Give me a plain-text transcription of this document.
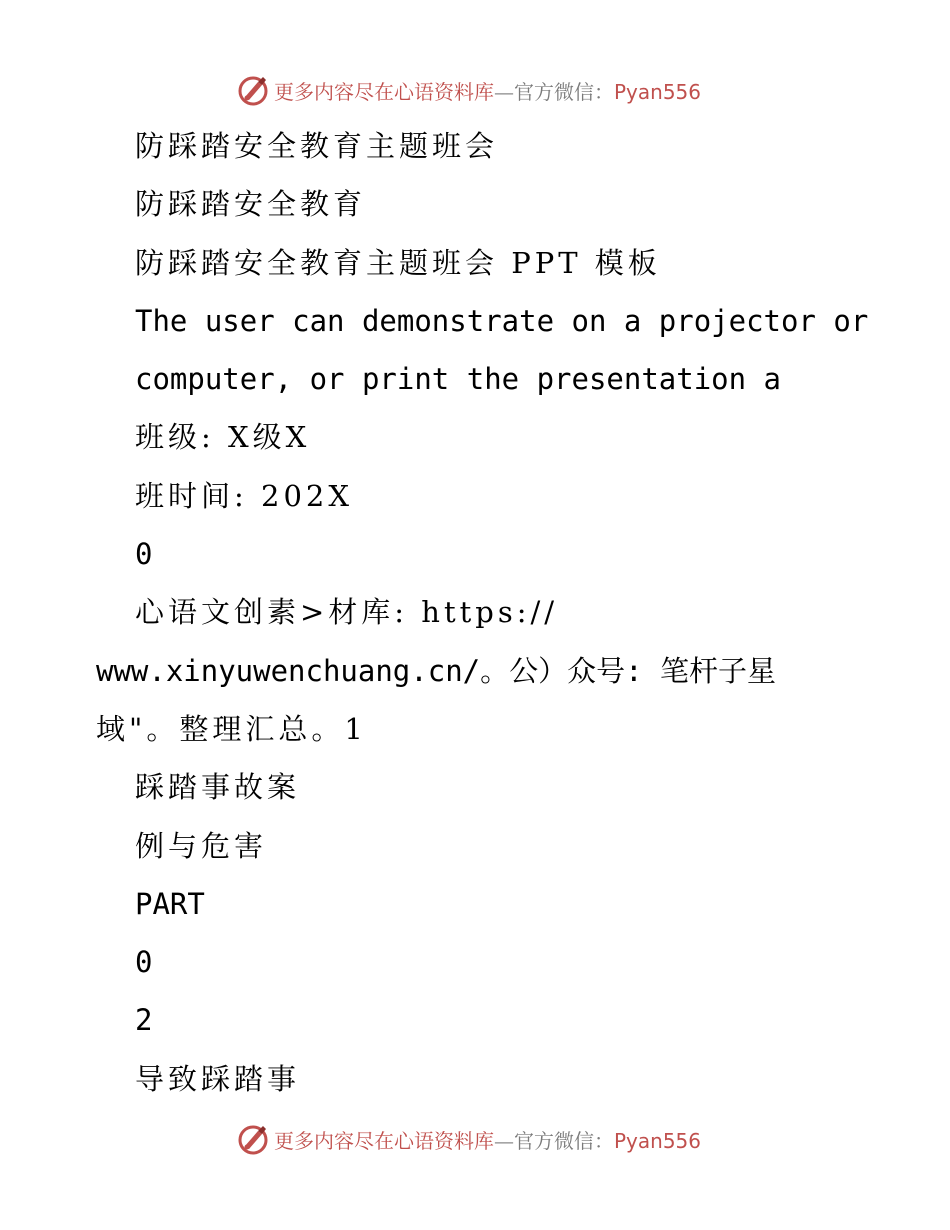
更多内容尽在心语资料库—官方微信：Pyan556
防踩踏安全教育主题班会
防踩踏安全教育
防踩踏安全教育主题班会 PPT 模板
The user can demonstrate on a projector or
computer, or print the presentation a
班级: X级X
班时间: 202X
0
心语文创素>材库: https://
www.xinyuwenchuang.cn/。公）众号: 笔杆子星
域"。整理汇总。1
踩踏事故案
例与危害
PART
0
2
导致踩踏事
更多内容尽在心语资料库—官方微信：Pyan556
